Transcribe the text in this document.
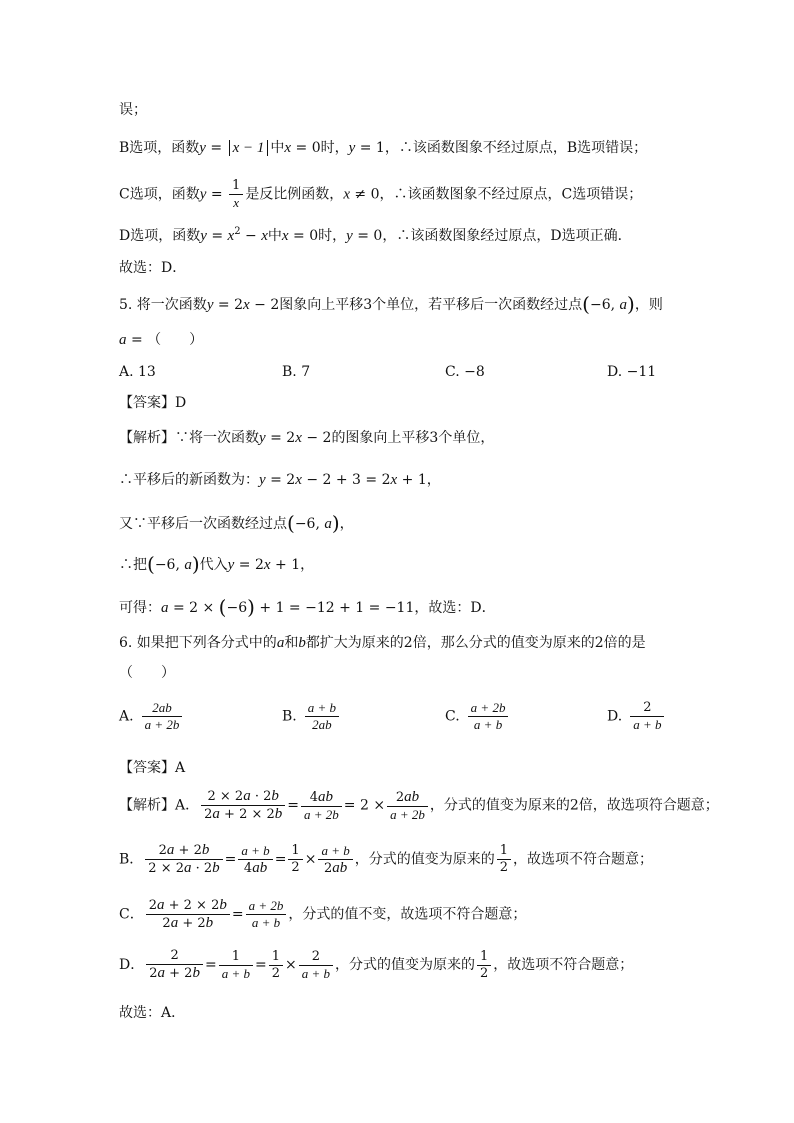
误；
B选项，函数y = x − 1 中x = 0时，y = 1，∴该函数图象不经过原点，B选项错误；
C选项，函数$y = \frac{1}{x}$ 是反比例函数，x ≠ 0，∴该函数图象不经过原点，C选项错误；
D选项，函数$y = x^2 - x$中x = 0时，y = 0，∴该函数图象经过原点，D选项正确．
故选：D．
5. 将一次函数y = 2x − 2图象向上平移3个单位，若平移后一次函数经过点(−6, a)，则
a = （　　）
A. 13	B. 7	C. −8	D. −11
【答案】D
【解析】∵将一次函数y = 2x − 2的图象向上平移3个单位，
∴平移后的新函数为：y = 2x − 2 + 3 = 2x + 1，
又∵平移后一次函数经过点(−6, a)，
∴把(−6, a)代入y = 2x + 1，
可得：a = 2 × (−6) + 1 = −12 + 1 = −11，故选：D．
6. 如果把下列各分式中的a和b都扩大为原来的2倍，那么分式的值变为原来的2倍的是
（　　）
A. $\frac{2ab}{a + 2b}$	B. $\frac{a + b}{2ab}$	C. $\frac{a + 2b}{a + b}$	D. $\frac{2}{a + b}$
【答案】A
【解析】A． $\frac{2 \times 2a \cdot 2b}{2a + 2 \times 2b} = \frac{4ab}{a + 2b} = 2 \times \frac{2ab}{a + 2b}$ ，分式的值变为原来的2倍，故选项符合题意；
B． $\frac{2a + 2b}{2 \times 2a \cdot 2b} = \frac{a + b}{4ab} = \frac{1}{2} \times \frac{a + b}{2ab}$ ，分式的值变为原来的 $\frac{1}{2}$ ，故选项不符合题意；
C． $\frac{2a + 2 \times 2b}{2a + 2b} = \frac{a + 2b}{a + b}$ ，分式的值不变，故选项不符合题意；
D． $\frac{2}{2a + 2b} = \frac{1}{a + b} = \frac{1}{2} \times \frac{2}{a + b}$ ，分式的值变为原来的 $\frac{1}{2}$ ，故选项不符合题意；
故选：A．
